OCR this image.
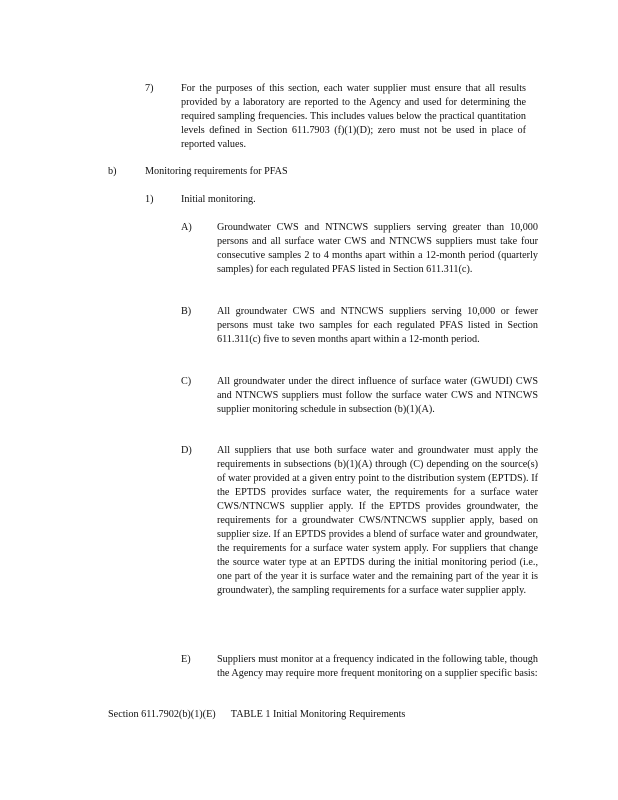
7)	For the purposes of this section, each water supplier must ensure that all results provided by a laboratory are reported to the Agency and used for determining the required sampling frequencies. This includes values below the practical quantitation levels defined in Section 611.7903 (f)(1)(D); zero must not be used in place of reported values.
b)	Monitoring requirements for PFAS
1)	Initial monitoring.
A) Groundwater CWS and NTNCWS suppliers serving greater than 10,000 persons and all surface water CWS and NTNCWS suppliers must take four consecutive samples 2 to 4 months apart within a 12-month period (quarterly samples) for each regulated PFAS listed in Section 611.311(c).
B)	All groundwater CWS and NTNCWS suppliers serving 10,000 or fewer persons must take two samples for each regulated PFAS listed in Section 611.311(c) five to seven months apart within a 12-month period.
C)	All groundwater under the direct influence of surface water (GWUDI) CWS and NTNCWS suppliers must follow the surface water CWS and NTNCWS supplier monitoring schedule in subsection (b)(1)(A).
D) All suppliers that use both surface water and groundwater must apply the requirements in subsections (b)(1)(A) through (C) depending on the source(s) of water provided at a given entry point to the distribution system (EPTDS). If the EPTDS provides surface water, the requirements for a surface water CWS/NTNCWS supplier apply. If the EPTDS provides groundwater, the requirements for a groundwater CWS/NTNCWS supplier apply, based on supplier size. If an EPTDS provides a blend of surface water and groundwater, the requirements for a surface water system apply. For suppliers that change the source water type at an EPTDS during the initial monitoring period (i.e., one part of the year it is surface water and the remaining part of the year it is groundwater), the sampling requirements for a surface water supplier apply.
E)	Suppliers must monitor at a frequency indicated in the following table, though the Agency may require more frequent monitoring on a supplier specific basis:
Section 611.7902(b)(1)(E)      TABLE 1 Initial Monitoring Requirements
